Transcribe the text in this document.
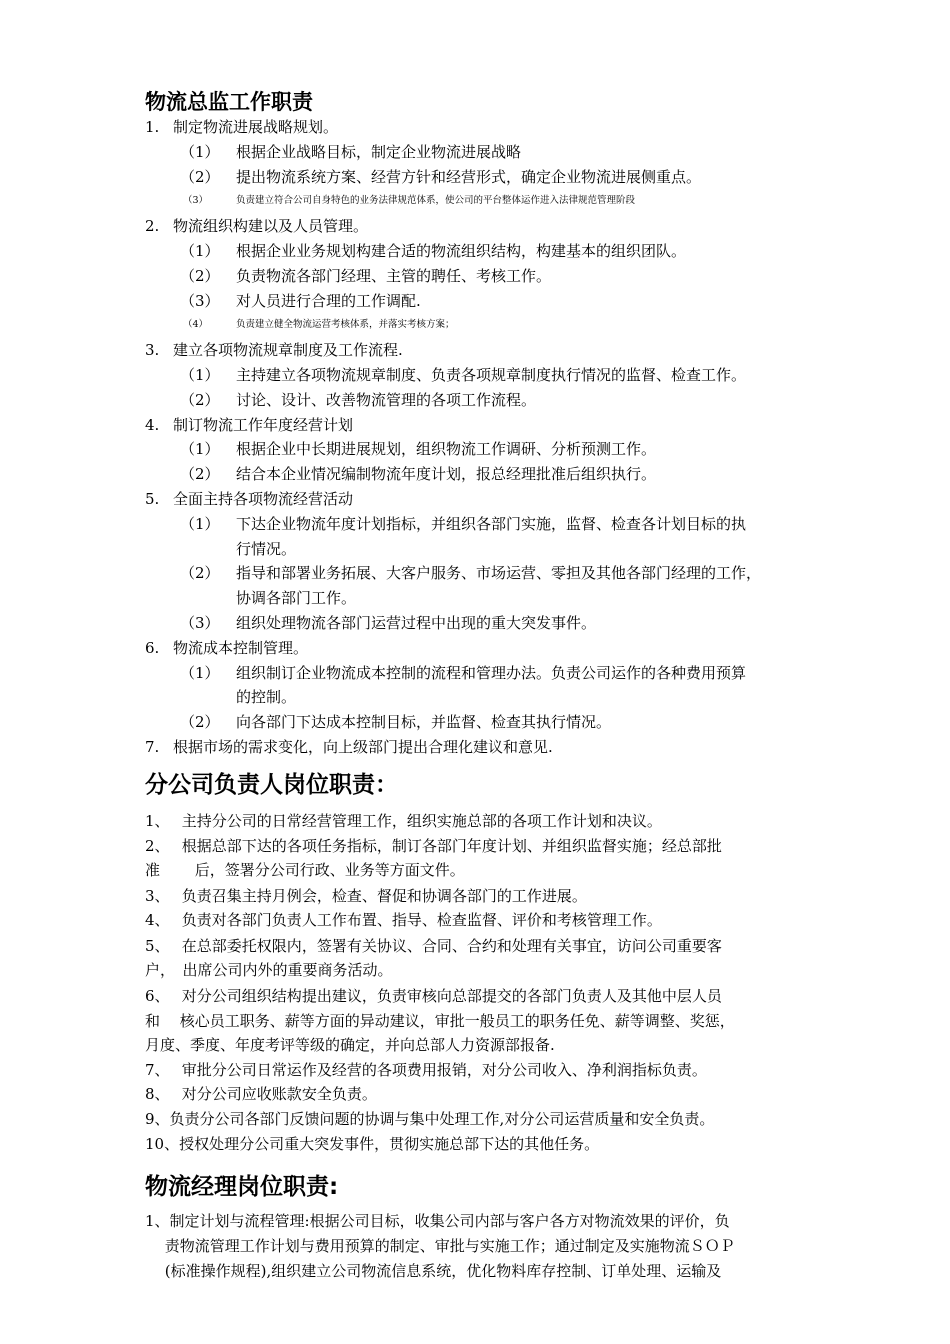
物流总监工作职责
1. 制定物流进展战略规划。
（1） 根据企业战略目标，制定企业物流进展战略
（2） 提出物流系统方案、经营方针和经营形式，确定企业物流进展侧重点。
（3）	负责建立符合公司自身特色的业务法律规范体系，使公司的平台整体运作进入法律规范管理阶段
2. 物流组织构建以及人员管理。
（1） 根据企业业务规划构建合适的物流组织结构，构建基本的组织团队。
（2） 负责物流各部门经理、主管的聘任、考核工作。
（3） 对人员进行合理的工作调配.
（4）	负责建立健全物流运营考核体系，并落实考核方案；
3. 建立各项物流规章制度及工作流程.
（1） 主持建立各项物流规章制度、负责各项规章制度执行情况的监督、检查工作。
（2） 讨论、设计、改善物流管理的各项工作流程。
4. 制订物流工作年度经营计划
（1） 根据企业中长期进展规划，组织物流工作调研、分析预测工作。
（2） 结合本企业情况编制物流年度计划，报总经理批准后组织执行。
5. 全面主持各项物流经营活动
（1） 下达企业物流年度计划指标，并组织各部门实施，监督、检查各计划目标的执
行情况。
（2） 指导和部署业务拓展、大客户服务、市场运营、零担及其他各部门经理的工作，
协调各部门工作。
（3） 组织处理物流各部门运营过程中出现的重大突发事件。
6. 物流成本控制管理。
（1） 组织制订企业物流成本控制的流程和管理办法。负责公司运作的各种费用预算
的控制。
（2） 向各部门下达成本控制目标，并监督、检查其执行情况。
7. 根据市场的需求变化，向上级部门提出合理化建议和意见.
分公司负责人岗位职责：
1、　 主持分公司的日常经营管理工作，组织实施总部的各项工作计划和决议。
2、　 根据总部下达的各项任务指标，制订各部门年度计划、并组织监督实施；经总部批
准　　 后，签署分公司行政、业务等方面文件。
3、　 负责召集主持月例会，检查、督促和协调各部门的工作进展。
4、　 负责对各部门负责人工作布置、指导、检查监督、评价和考核管理工作。
5、　 在总部委托权限内，签署有关协议、合同、合约和处理有关事宜，访问公司重要客
户，　出席公司内外的重要商务活动。
6、　 对分公司组织结构提出建议，负责审核向总部提交的各部门负责人及其他中层人员
和　 核心员工职务、薪等方面的异动建议，审批一般员工的职务任免、薪等调整、奖惩，
月度、季度、年度考评等级的确定，并向总部人力资源部报备.
7、　 审批分公司日常运作及经营的各项费用报销，对分公司收入、净利润指标负责。
8、　 对分公司应收账款安全负责。
9、负责分公司各部门反馈问题的协调与集中处理工作,对分公司运营质量和安全负责。
10、授权处理分公司重大突发事件，贯彻实施总部下达的其他任务。
物流经理岗位职责:
1、制定计划与流程管理:根据公司目标，收集公司内部与客户各方对物流效果的评价，负
　 责物流管理工作计划与费用预算的制定、审批与实施工作；通过制定及实施物流ＳＯＰ
　 (标准操作规程),组织建立公司物流信息系统，优化物料库存控制、订单处理、运输及
